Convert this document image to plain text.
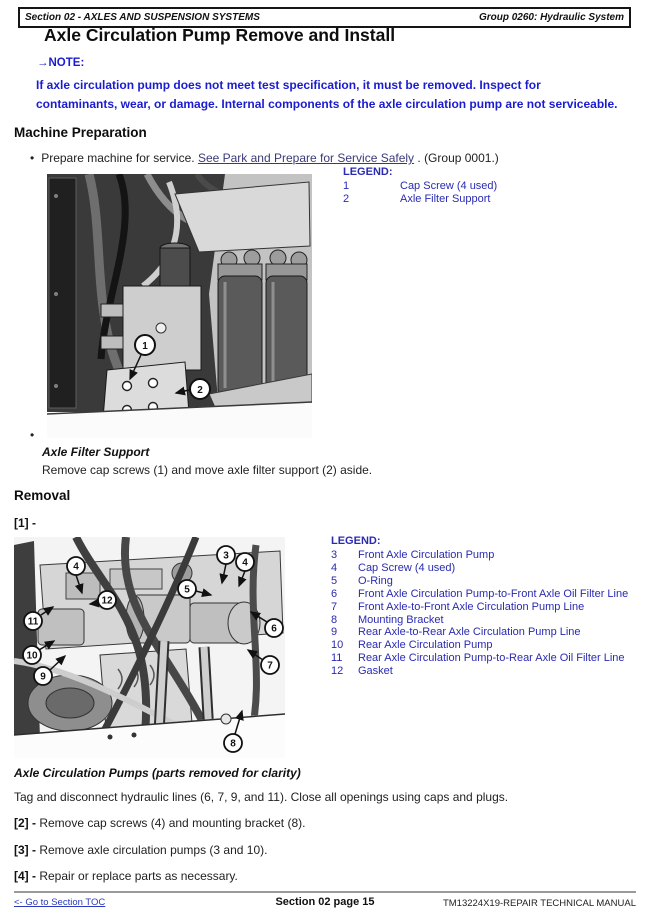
Section 02 - AXLES AND SUSPENSION SYSTEMS	Group 0260: Hydraulic System
Axle Circulation Pump Remove and Install
→NOTE:
If axle circulation pump does not meet test specification, it must be removed. Inspect for contaminants, wear, or damage. Internal components of the axle circulation pump are not serviceable.
Machine Preparation
• Prepare machine for service. See Park and Prepare for Service Safely . (Group 0001.)
1
2
LEGEND:
1	Cap Screw (4 used)
2	Axle Filter Support
•
Axle Filter Support
Remove cap screws (1) and move axle filter support (2) aside.
Removal
[1] -
3
4	4
5
12
11
6
10
9
7
8
LEGEND:
3	Front Axle Circulation Pump
4	Cap Screw (4 used)
5	O-Ring
6	Front Axle Circulation Pump-to-Front Axle Oil Filter Line
7	Front Axle-to-Front Axle Circulation Pump Line
8	Mounting Bracket
9	Rear Axle-to-Rear Axle Circulation Pump Line
10	Rear Axle Circulation Pump
11	Rear Axle Circulation Pump-to-Rear Axle Oil Filter Line
12	Gasket
Axle Circulation Pumps (parts removed for clarity)
Tag and disconnect hydraulic lines (6, 7, 9, and 11). Close all openings using caps and plugs.
[2] - Remove cap screws (4) and mounting bracket (8).
[3] - Remove axle circulation pumps (3 and 10).
[4] - Repair or replace parts as necessary.
Section 02 page 15
<- Go to Section TOC	TM13224X19-REPAIR TECHNICAL MANUAL
